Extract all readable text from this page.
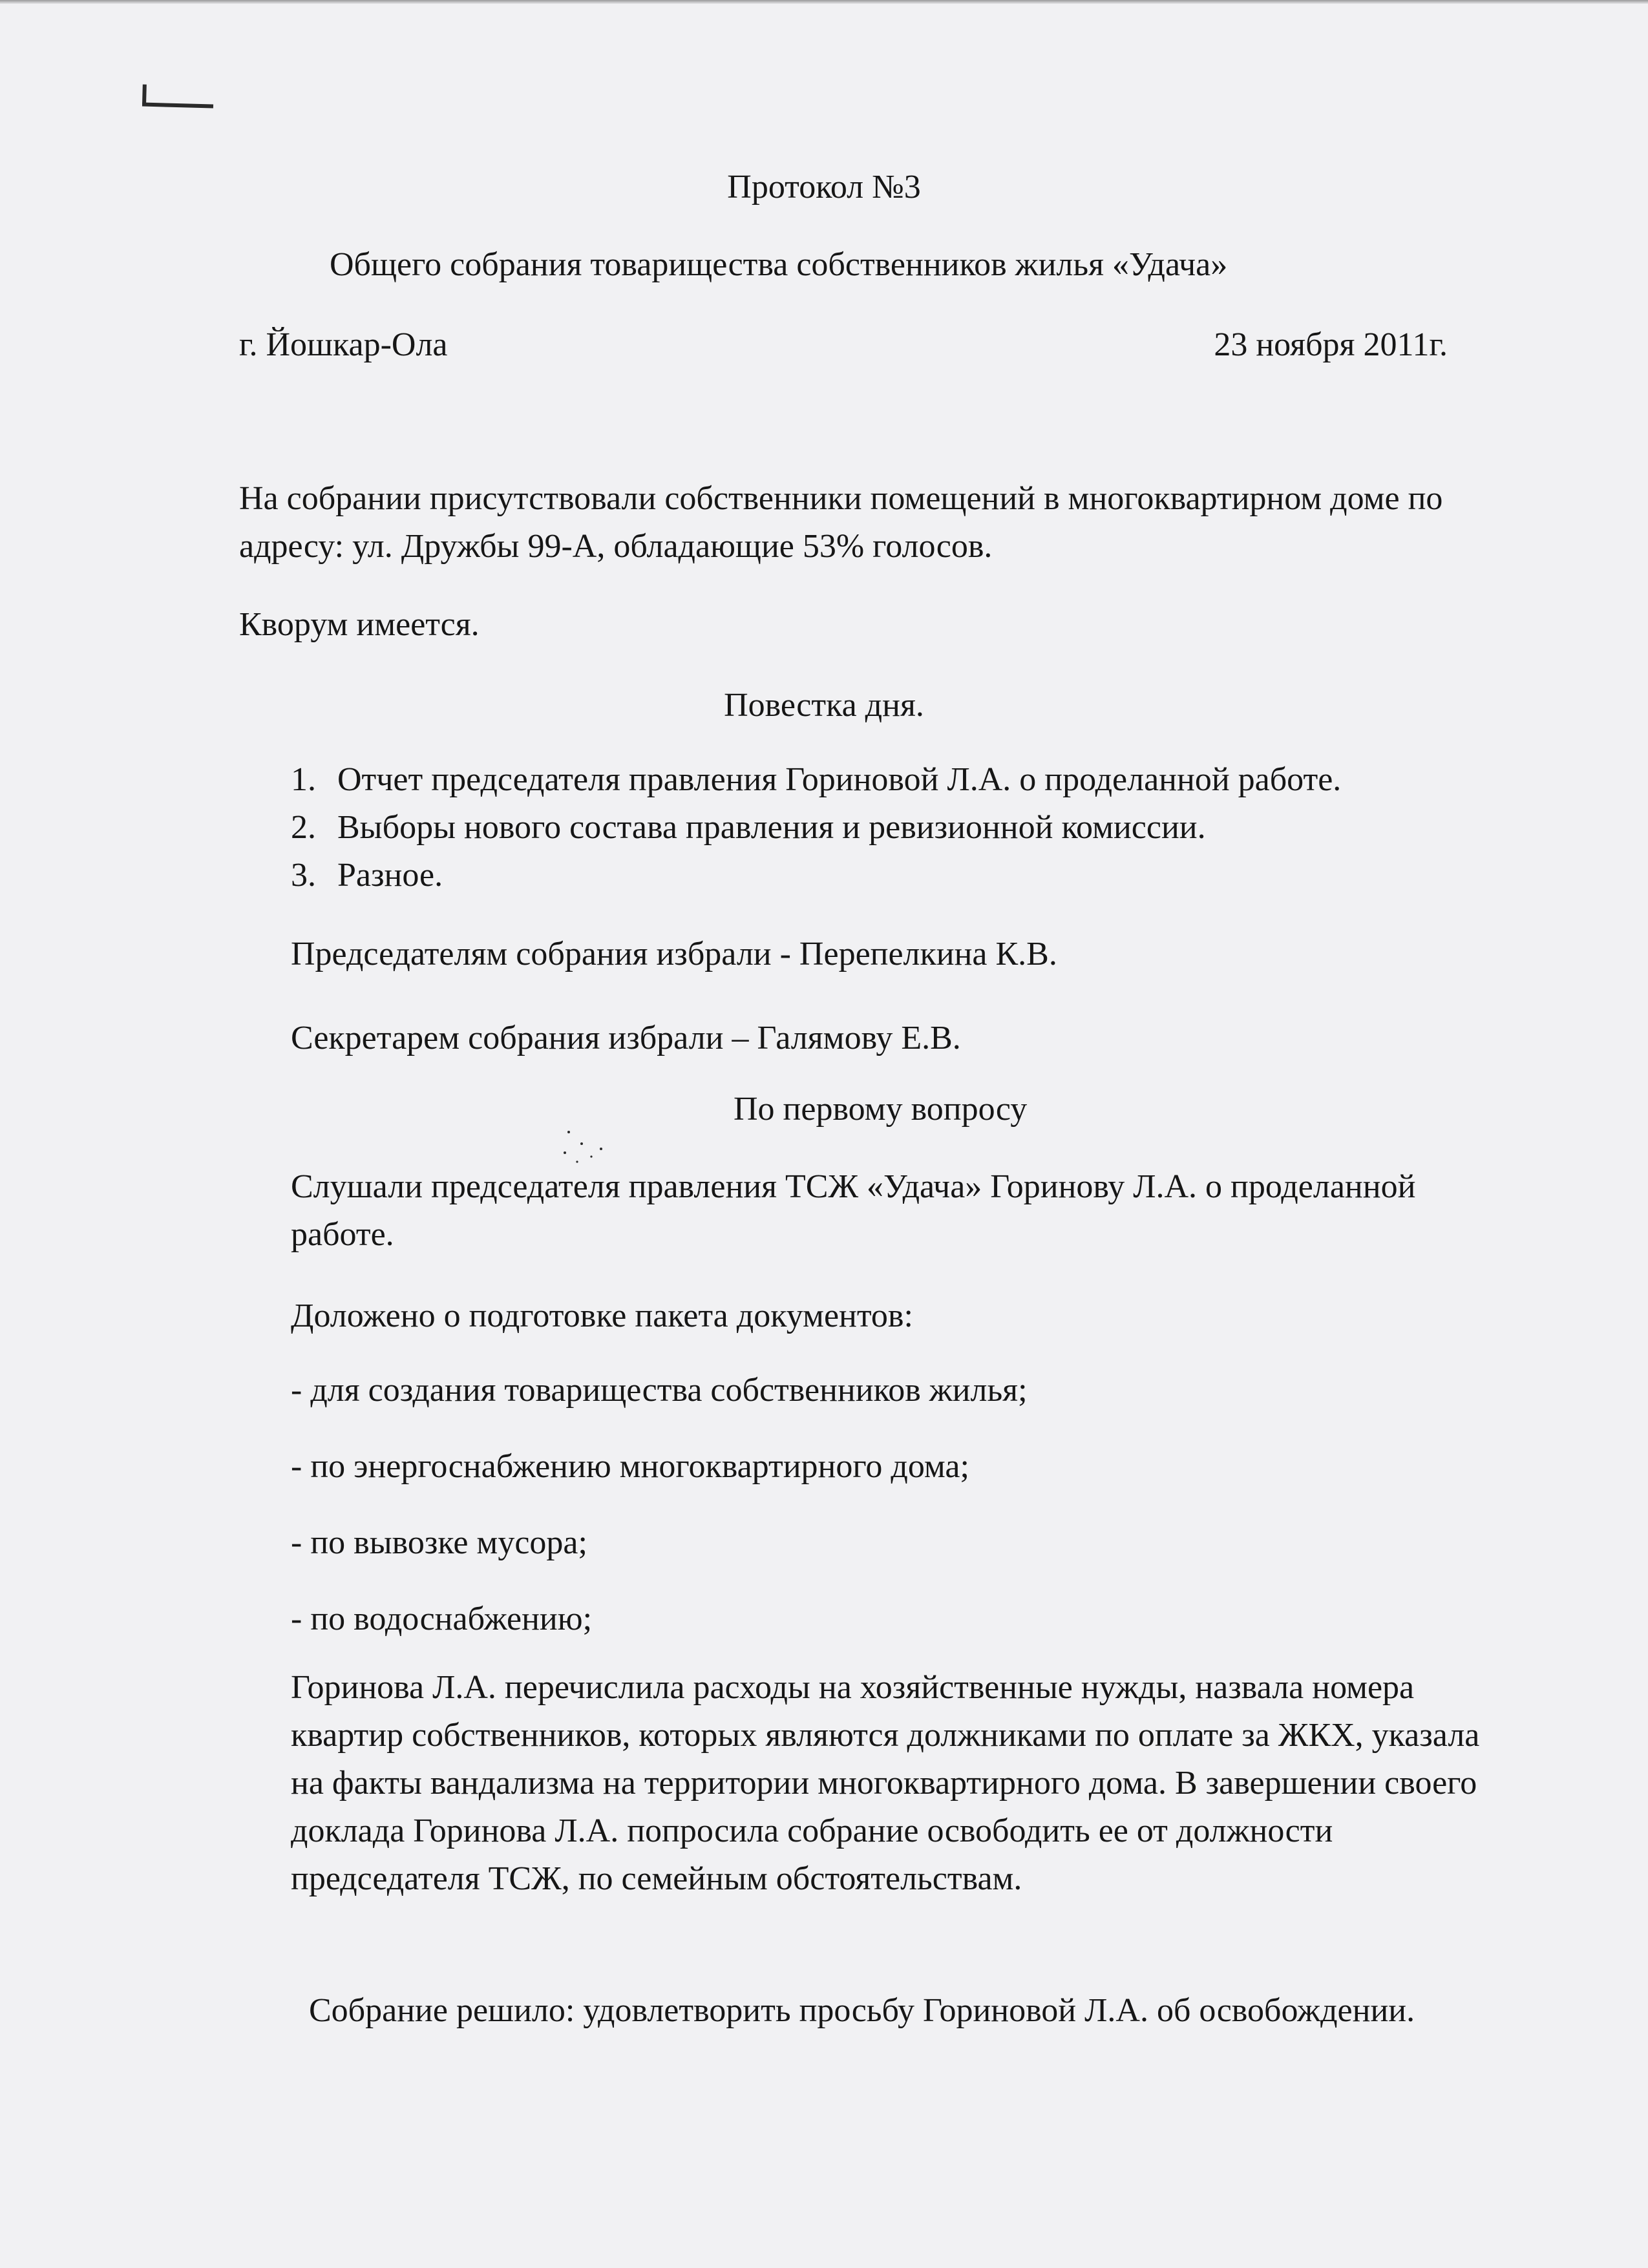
Протокол №3
Общего собрания товарищества собственников жилья «Удача»
г. Йошкар-Ола	23 ноября 2011г.
На собрании присутствовали собственники помещений в многоквартирном доме по адресу: ул. Дружбы 99-А, обладающие 53% голосов.
Кворум имеется.
Повестка дня.
1. Отчет председателя правления Гориновой Л.А. о проделанной работе.
2. Выборы нового состава правления и ревизионной комиссии.
3. Разное.
Председателям собрания избрали - Перепелкина К.В.
Секретарем собрания избрали – Галямову Е.В.
По первому вопросу
Слушали председателя правления ТСЖ «Удача» Горинову Л.А. о проделанной работе.
Доложено о подготовке пакета документов:
- для создания товарищества собственников жилья;
- по энергоснабжению многоквартирного дома;
- по вывозке мусора;
- по водоснабжению;
Горинова Л.А. перечислила расходы на хозяйственные нужды, назвала номера квартир собственников, которых являются должниками по оплате за ЖКХ, указала на факты вандализма на территории многоквартирного дома. В завершении своего доклада Горинова Л.А. попросила собрание освободить ее от должности председателя ТСЖ, по семейным обстоятельствам.
Собрание решило: удовлетворить просьбу Гориновой Л.А. об освобождении.
